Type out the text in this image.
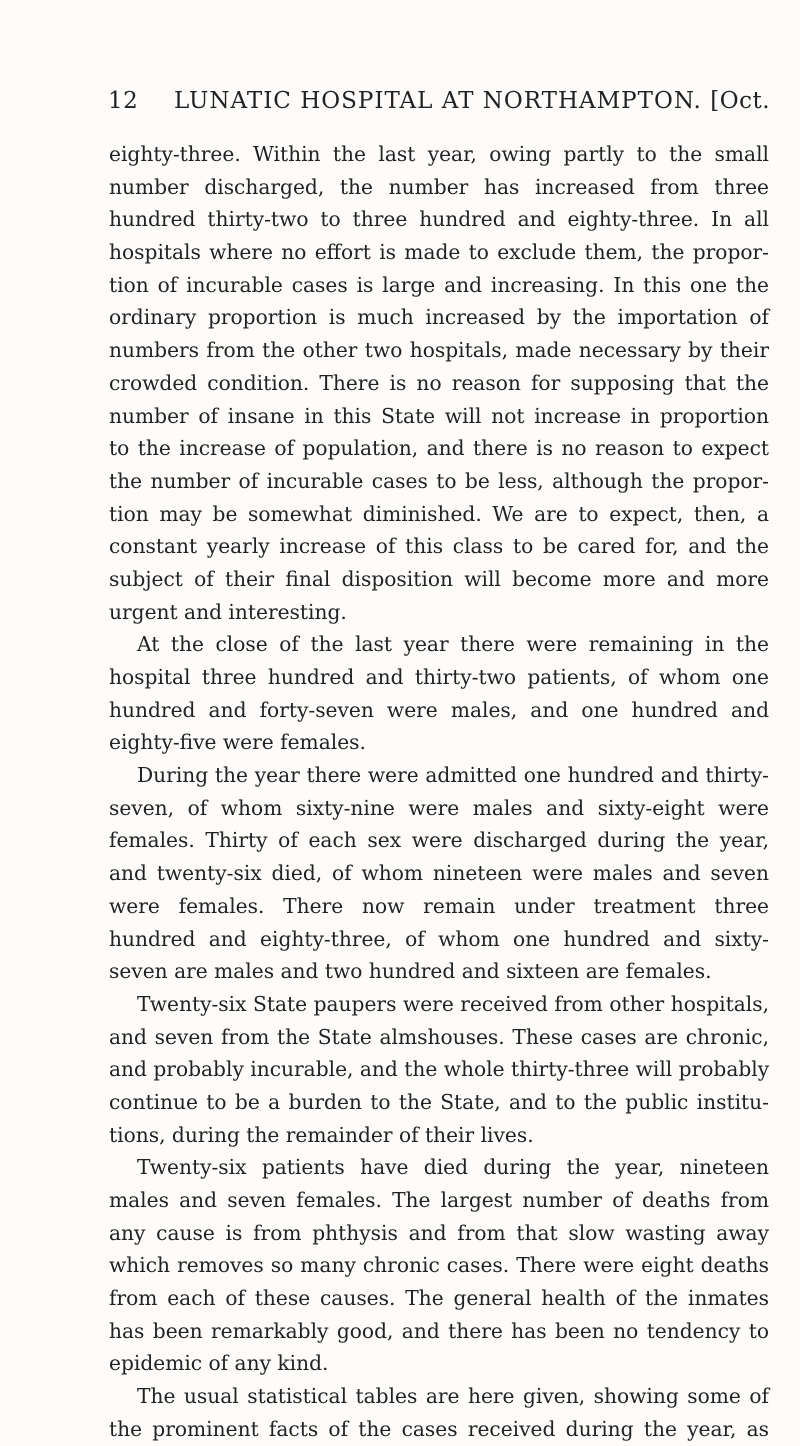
12 LUNATIC HOSPITAL AT NORTHAMPTON. [Oct.
eighty-three. Within the last year, owing partly to the small
number discharged, the number has increased from three
hundred thirty-two to three hundred and eighty-three. In all
hospitals where no effort is made to exclude them, the propor-
tion of incurable cases is large and increasing. In this one the
ordinary proportion is much increased by the importation of
numbers from the other two hospitals, made necessary by their
crowded condition. There is no reason for supposing that the
number of insane in this State will not increase in proportion
to the increase of population, and there is no reason to expect
the number of incurable cases to be less, although the propor-
tion may be somewhat diminished. We are to expect, then, a
constant yearly increase of this class to be cared for, and the
subject of their final disposition will become more and more
urgent and interesting.
At the close of the last year there were remaining in the
hospital three hundred and thirty-two patients, of whom one
hundred and forty-seven were males, and one hundred and
eighty-five were females.
During the year there were admitted one hundred and thirty-
seven, of whom sixty-nine were males and sixty-eight were
females. Thirty of each sex were discharged during the year,
and twenty-six died, of whom nineteen were males and seven
were females. There now remain under treatment three
hundred and eighty-three, of whom one hundred and sixty-
seven are males and two hundred and sixteen are females.
Twenty-six State paupers were received from other hospitals,
and seven from the State almshouses. These cases are chronic,
and probably incurable, and the whole thirty-three will probably
continue to be a burden to the State, and to the public institu-
tions, during the remainder of their lives.
Twenty-six patients have died during the year, nineteen
males and seven females. The largest number of deaths from
any cause is from phthysis and from that slow wasting away
which removes so many chronic cases. There were eight deaths
from each of these causes. The general health of the inmates
has been remarkably good, and there has been no tendency to
epidemic of any kind.
The usual statistical tables are here given, showing some of
the prominent facts of the cases received during the year, as
